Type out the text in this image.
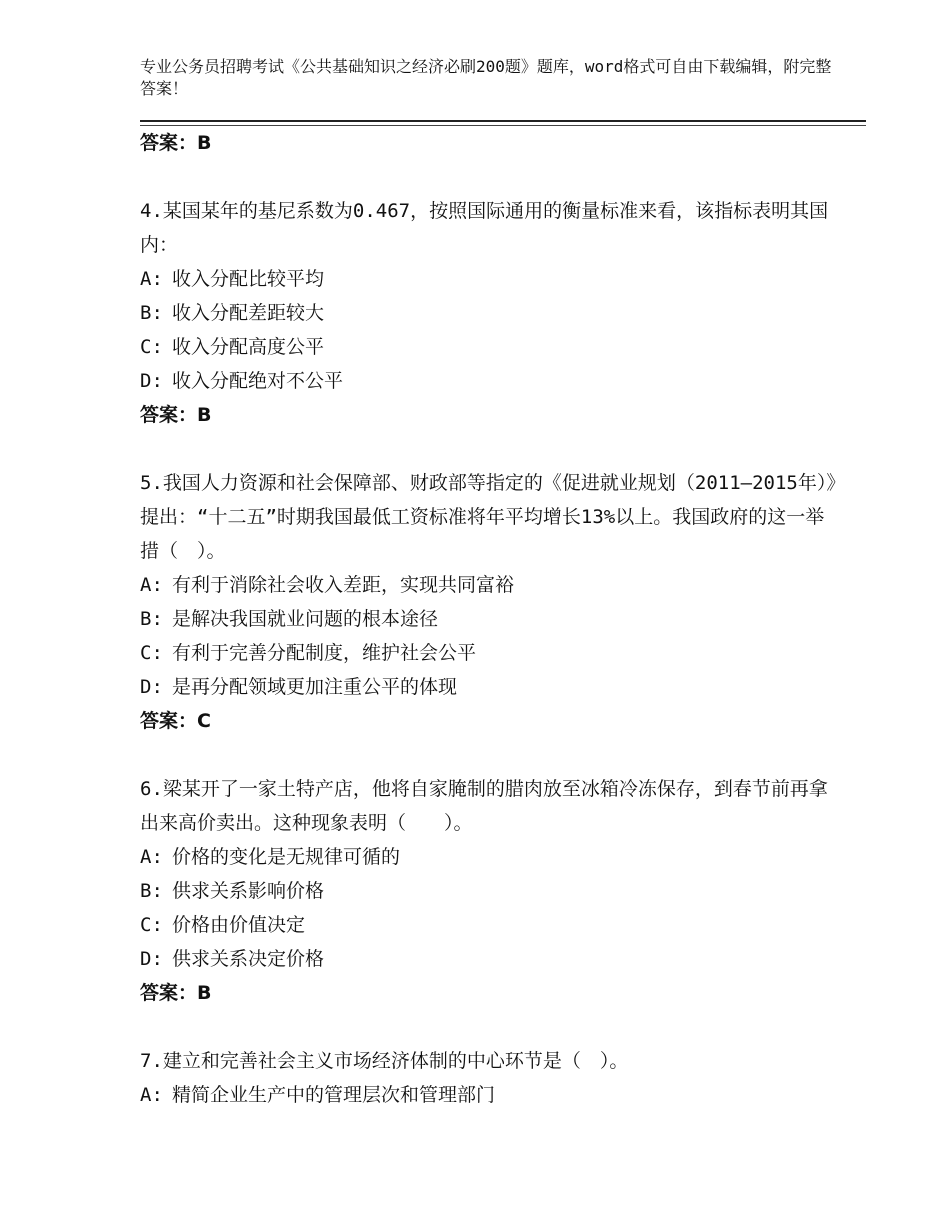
专业公务员招聘考试《公共基础知识之经济必刷200题》题库，word格式可自由下载编辑，附完整答案！
答案：B
4.某国某年的基尼系数为0.467，按照国际通用的衡量标准来看，该指标表明其国内：
A: 收入分配比较平均
B: 收入分配差距较大
C: 收入分配高度公平
D: 收入分配绝对不公平
答案：B
5.我国人力资源和社会保障部、财政部等指定的《促进就业规划（2011—2015年）》提出：“十二五”时期我国最低工资标准将年平均增长13%以上。我国政府的这一举措（　）。
A: 有利于消除社会收入差距，实现共同富裕
B: 是解决我国就业问题的根本途径
C: 有利于完善分配制度，维护社会公平
D: 是再分配领域更加注重公平的体现
答案：C
6.梁某开了一家土特产店，他将自家腌制的腊肉放至冰箱冷冻保存，到春节前再拿出来高价卖出。这种现象表明（　　）。
A: 价格的变化是无规律可循的
B: 供求关系影响价格
C: 价格由价值决定
D: 供求关系决定价格
答案：B
7.建立和完善社会主义市场经济体制的中心环节是（　）。
A: 精简企业生产中的管理层次和管理部门
